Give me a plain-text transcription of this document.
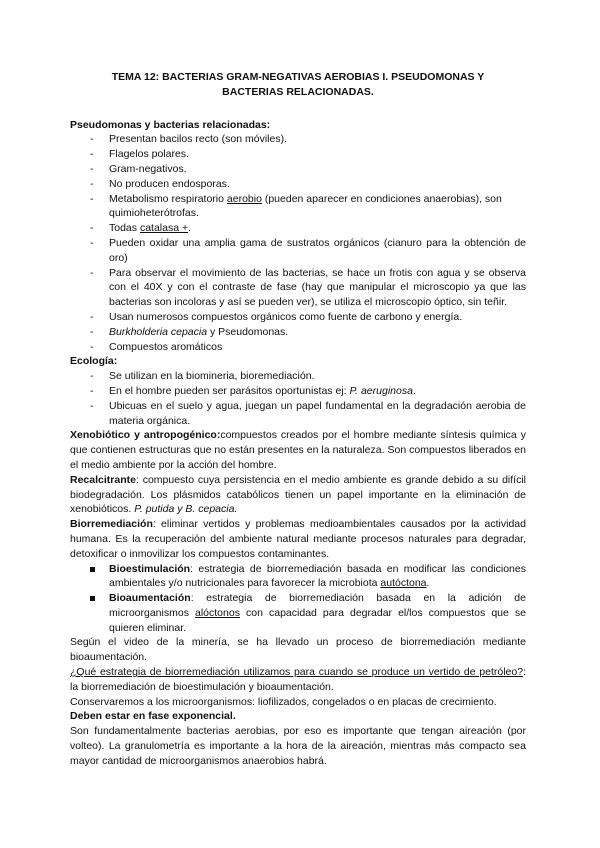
TEMA 12: BACTERIAS GRAM-NEGATIVAS AEROBIAS I. PSEUDOMONAS Y BACTERIAS RELACIONADAS.

Pseudomonas y bacterias relacionadas:

- Presentan bacilos recto (son móviles).
- Flagelos polares.
- Gram-negativos.
- No producen endosporas.
- Metabolismo respiratorio aerobio (pueden aparecer en condiciones anaerobias), son quimioheterótrofas.
- Todas catalasa +.
- Pueden oxidar una amplia gama de sustratos orgánicos (cianuro para la obtención de oro)
- Para observar el movimiento de las bacterias, se hace un frotis con agua y se observa con el 40X y con el contraste de fase (hay que manipular el microscopio ya que las bacterias son incoloras y así se pueden ver), se utiliza el microscopio óptico, sin teñir.
- Usan numerosos compuestos orgánicos como fuente de carbono y energía.
- Burkholderia cepacia y Pseudomonas.
- Compuestos aromáticos

Ecología:

- Se utilizan en la biomineria, bioremediación.
- En el hombre pueden ser parásitos oportunistas ej: P. aeruginosa.
- Ubicuas en el suelo y agua, juegan un papel fundamental en la degradación aerobia de materia orgánica.

Xenobiótico y antropogénico:compuestos creados por el hombre mediante síntesis química y que contienen estructuras que no están presentes en la naturaleza. Son compuestos liberados en el medio ambiente por la acción del hombre.

Recalcitrante: compuesto cuya persistencia en el medio ambiente es grande debido a su difícil biodegradación. Los plásmidos catabólicos tienen un papel importante en la eliminación de xenobióticos. P. putida y B. cepacia.

Biorremediación: eliminar vertidos y problemas medioambientales causados por la actividad humana. Es la recuperación del ambiente natural mediante procesos naturales para degradar, detoxificar o inmovilizar los compuestos contaminantes.

Bioestimulación: estrategia de biorremediación basada en modificar las condiciones ambientales y/o nutricionales para favorecer la microbiota autóctona.
Bioaumentación: estrategia de biorremediación basada en la adición de microorganismos alóctonos con capacidad para degradar el/los compuestos que se quieren eliminar.

Según el video de la minería, se ha llevado un proceso de biorremediación mediante bioaumentación.

¿Qué estrategia de biorremediación utilizamos para cuando se produce un vertido de petróleo?: la biorremediación de bioestimulación y bioaumentación.

Conservaremos a los microorganismos: liofilizados, congelados o en placas de crecimiento.

Deben estar en fase exponencial.

Son fundamentalmente bacterias aerobias, por eso es importante que tengan aireación (por volteo). La granulometría es importante a la hora de la aireación, mientras más compacto sea mayor cantidad de microorganismos anaerobios habrá.
